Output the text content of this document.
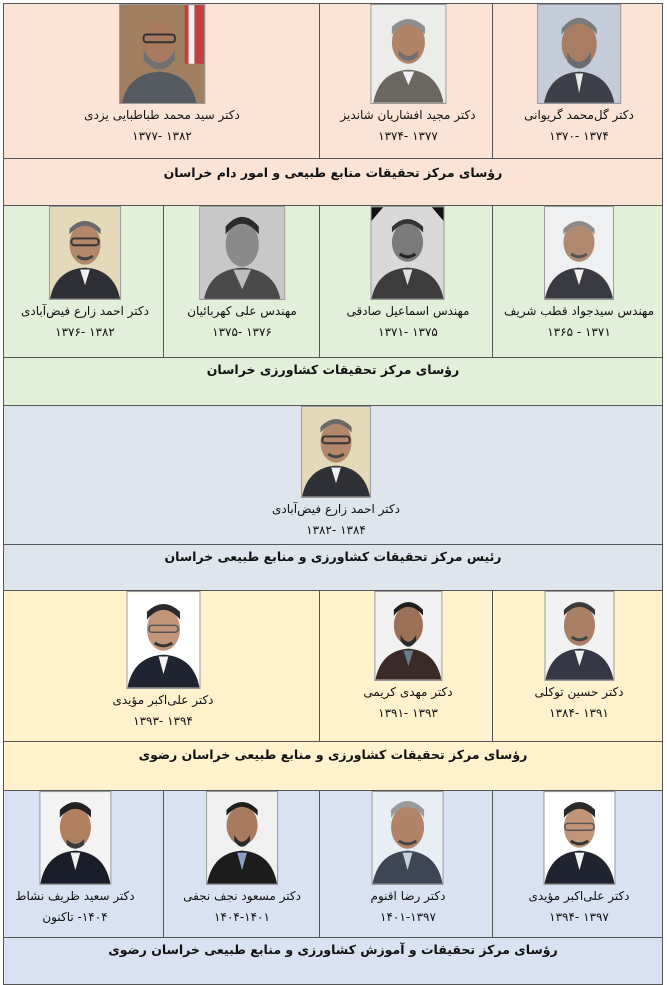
دکتر گل‌محمد گریوانی
۱۳۷۴ -۱۳۷۰
دکتر مجید افشاریان شاندیز
۱۳۷۷ -۱۳۷۴
دکتر سید محمد طباطبایی یزدی
۱۳۸۲ -۱۳۷۷
رؤسای مرکز تحقیقات منابع طبیعی و امور دام خراسان
مهندس سیدجواد قطب شریف
۱۳۷۱ - ۱۳۶۵
مهندس اسماعیل صادقی
۱۳۷۵ -۱۳۷۱
مهندس علی کهربائیان
۱۳۷۶ -۱۳۷۵
دکتر احمد زارع فیض‌آبادی
۱۳۸۲ -۱۳۷۶
رؤسای مرکز تحقیقات کشاورزی خراسان
دکتر احمد زارع فیض‌آبادی
۱۳۸۴ -۱۳۸۲
رئیس مرکز تحقیقات کشاورزی و منابع طبیعی خراسان
دکتر حسین توکلی
۱۳۹۱ -۱۳۸۴
دکتر مهدی کریمی
۱۳۹۳ -۱۳۹۱
دکتر علی‌اکبر مؤیدی
۱۳۹۴ -۱۳۹۳
رؤسای مرکز تحقیقات کشاورزی و منابع طبیعی خراسان رضوی
دکتر علی‌اکبر مؤیدی
۱۳۹۷ -۱۳۹۴
دکتر رضا اقنوم
۱۴۰۱-۱۳۹۷
دکتر مسعود نجف نجفی
۱۴۰۴-۱۴۰۱
دکتر سعید ظریف نشاط
۱۴۰۴- تاکنون
رؤسای مرکز تحقیقات و آموزش کشاورزی و منابع طبیعی خراسان رضوی
